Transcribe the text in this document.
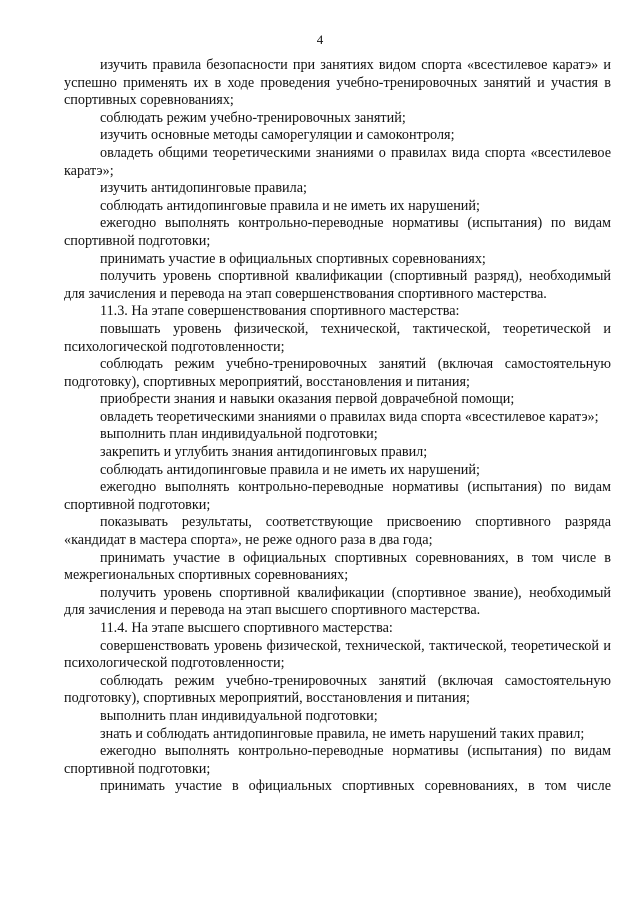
4

изучить правила безопасности при занятиях видом спорта «всестилевое каратэ» и успешно применять их в ходе проведения учебно-тренировочных занятий и участия в спортивных соревнованиях;

соблюдать режим учебно-тренировочных занятий;

изучить основные методы саморегуляции и самоконтроля;

овладеть общими теоретическими знаниями о правилах вида спорта «всестилевое каратэ»;

изучить антидопинговые правила;

соблюдать антидопинговые правила и не иметь их нарушений;

ежегодно выполнять контрольно-переводные нормативы (испытания) по видам спортивной подготовки;

принимать участие в официальных спортивных соревнованиях;

получить уровень спортивной квалификации (спортивный разряд), необходимый для зачисления и перевода на этап совершенствования спортивного мастерства.

11.3. На этапе совершенствования спортивного мастерства:

повышать уровень физической, технической, тактической, теоретической и психологической подготовленности;

соблюдать режим учебно-тренировочных занятий (включая самостоятельную подготовку), спортивных мероприятий, восстановления и питания;

приобрести знания и навыки оказания первой доврачебной помощи;

овладеть теоретическими знаниями о правилах вида спорта «всестилевое каратэ»;

выполнить план индивидуальной подготовки;

закрепить и углубить знания антидопинговых правил;

соблюдать антидопинговые правила и не иметь их нарушений;

ежегодно выполнять контрольно-переводные нормативы (испытания) по видам спортивной подготовки;

показывать результаты, соответствующие присвоению спортивного разряда «кандидат в мастера спорта», не реже одного раза в два года;

принимать участие в официальных спортивных соревнованиях, в том числе в межрегиональных спортивных соревнованиях;

получить уровень спортивной квалификации (спортивное звание), необходимый для зачисления и перевода на этап высшего спортивного мастерства.

11.4. На этапе высшего спортивного мастерства:

совершенствовать уровень физической, технической, тактической, теоретической и психологической подготовленности;

соблюдать режим учебно-тренировочных занятий (включая самостоятельную подготовку), спортивных мероприятий, восстановления и питания;

выполнить план индивидуальной подготовки;

знать и соблюдать антидопинговые правила, не иметь нарушений таких правил;

ежегодно выполнять контрольно-переводные нормативы (испытания) по видам спортивной подготовки;

принимать участие в официальных спортивных соревнованиях, в том числе
